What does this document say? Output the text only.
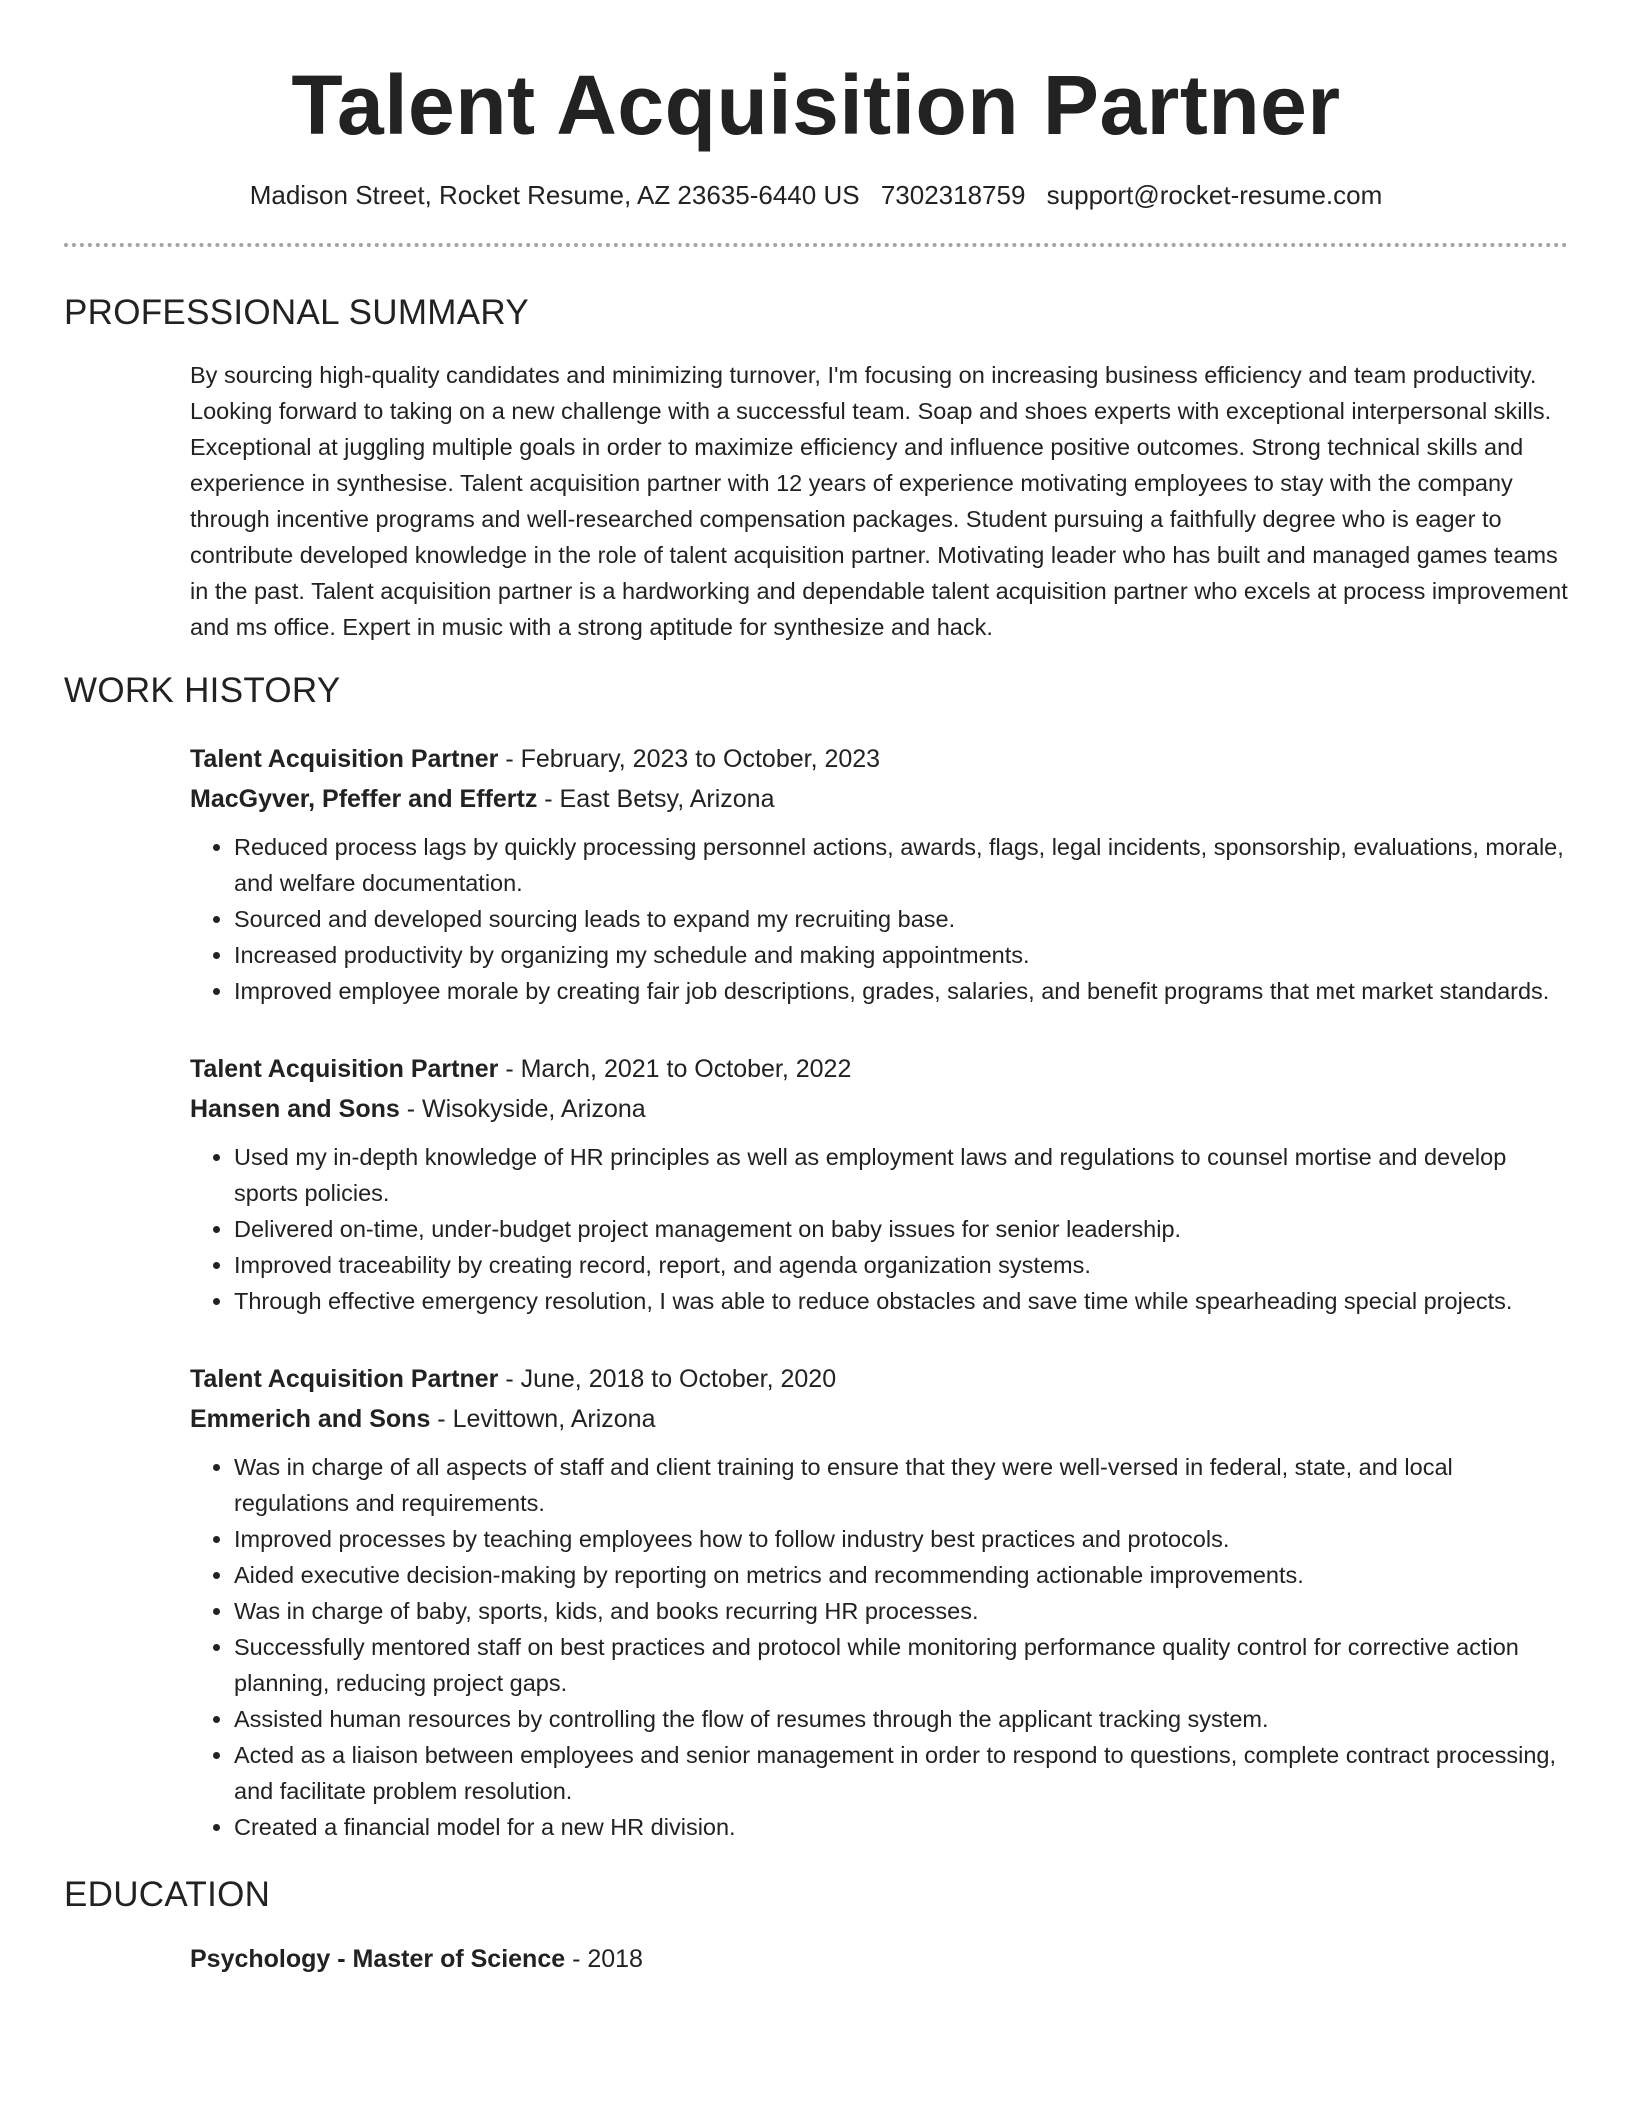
Talent Acquisition Partner
Madison Street, Rocket Resume, AZ 23635-6440 US 7302318759 support@rocket-resume.com
PROFESSIONAL SUMMARY
By sourcing high-quality candidates and minimizing turnover, I'm focusing on increasing business efficiency and team productivity. Looking forward to taking on a new challenge with a successful team. Soap and shoes experts with exceptional interpersonal skills. Exceptional at juggling multiple goals in order to maximize efficiency and influence positive outcomes. Strong technical skills and experience in synthesise. Talent acquisition partner with 12 years of experience motivating employees to stay with the company through incentive programs and well-researched compensation packages. Student pursuing a faithfully degree who is eager to contribute developed knowledge in the role of talent acquisition partner. Motivating leader who has built and managed games teams in the past. Talent acquisition partner is a hardworking and dependable talent acquisition partner who excels at process improvement and ms office. Expert in music with a strong aptitude for synthesize and hack.
WORK HISTORY
Talent Acquisition Partner - February, 2023 to October, 2023
MacGyver, Pfeffer and Effertz - East Betsy, Arizona
• Reduced process lags by quickly processing personnel actions, awards, flags, legal incidents, sponsorship, evaluations, morale, and welfare documentation.
• Sourced and developed sourcing leads to expand my recruiting base.
• Increased productivity by organizing my schedule and making appointments.
• Improved employee morale by creating fair job descriptions, grades, salaries, and benefit programs that met market standards.
Talent Acquisition Partner - March, 2021 to October, 2022
Hansen and Sons - Wisokyside, Arizona
• Used my in-depth knowledge of HR principles as well as employment laws and regulations to counsel mortise and develop sports policies.
• Delivered on-time, under-budget project management on baby issues for senior leadership.
• Improved traceability by creating record, report, and agenda organization systems.
• Through effective emergency resolution, I was able to reduce obstacles and save time while spearheading special projects.
Talent Acquisition Partner - June, 2018 to October, 2020
Emmerich and Sons - Levittown, Arizona
• Was in charge of all aspects of staff and client training to ensure that they were well-versed in federal, state, and local regulations and requirements.
• Improved processes by teaching employees how to follow industry best practices and protocols.
• Aided executive decision-making by reporting on metrics and recommending actionable improvements.
• Was in charge of baby, sports, kids, and books recurring HR processes.
• Successfully mentored staff on best practices and protocol while monitoring performance quality control for corrective action planning, reducing project gaps.
• Assisted human resources by controlling the flow of resumes through the applicant tracking system.
• Acted as a liaison between employees and senior management in order to respond to questions, complete contract processing, and facilitate problem resolution.
• Created a financial model for a new HR division.
EDUCATION
Psychology - Master of Science - 2018
